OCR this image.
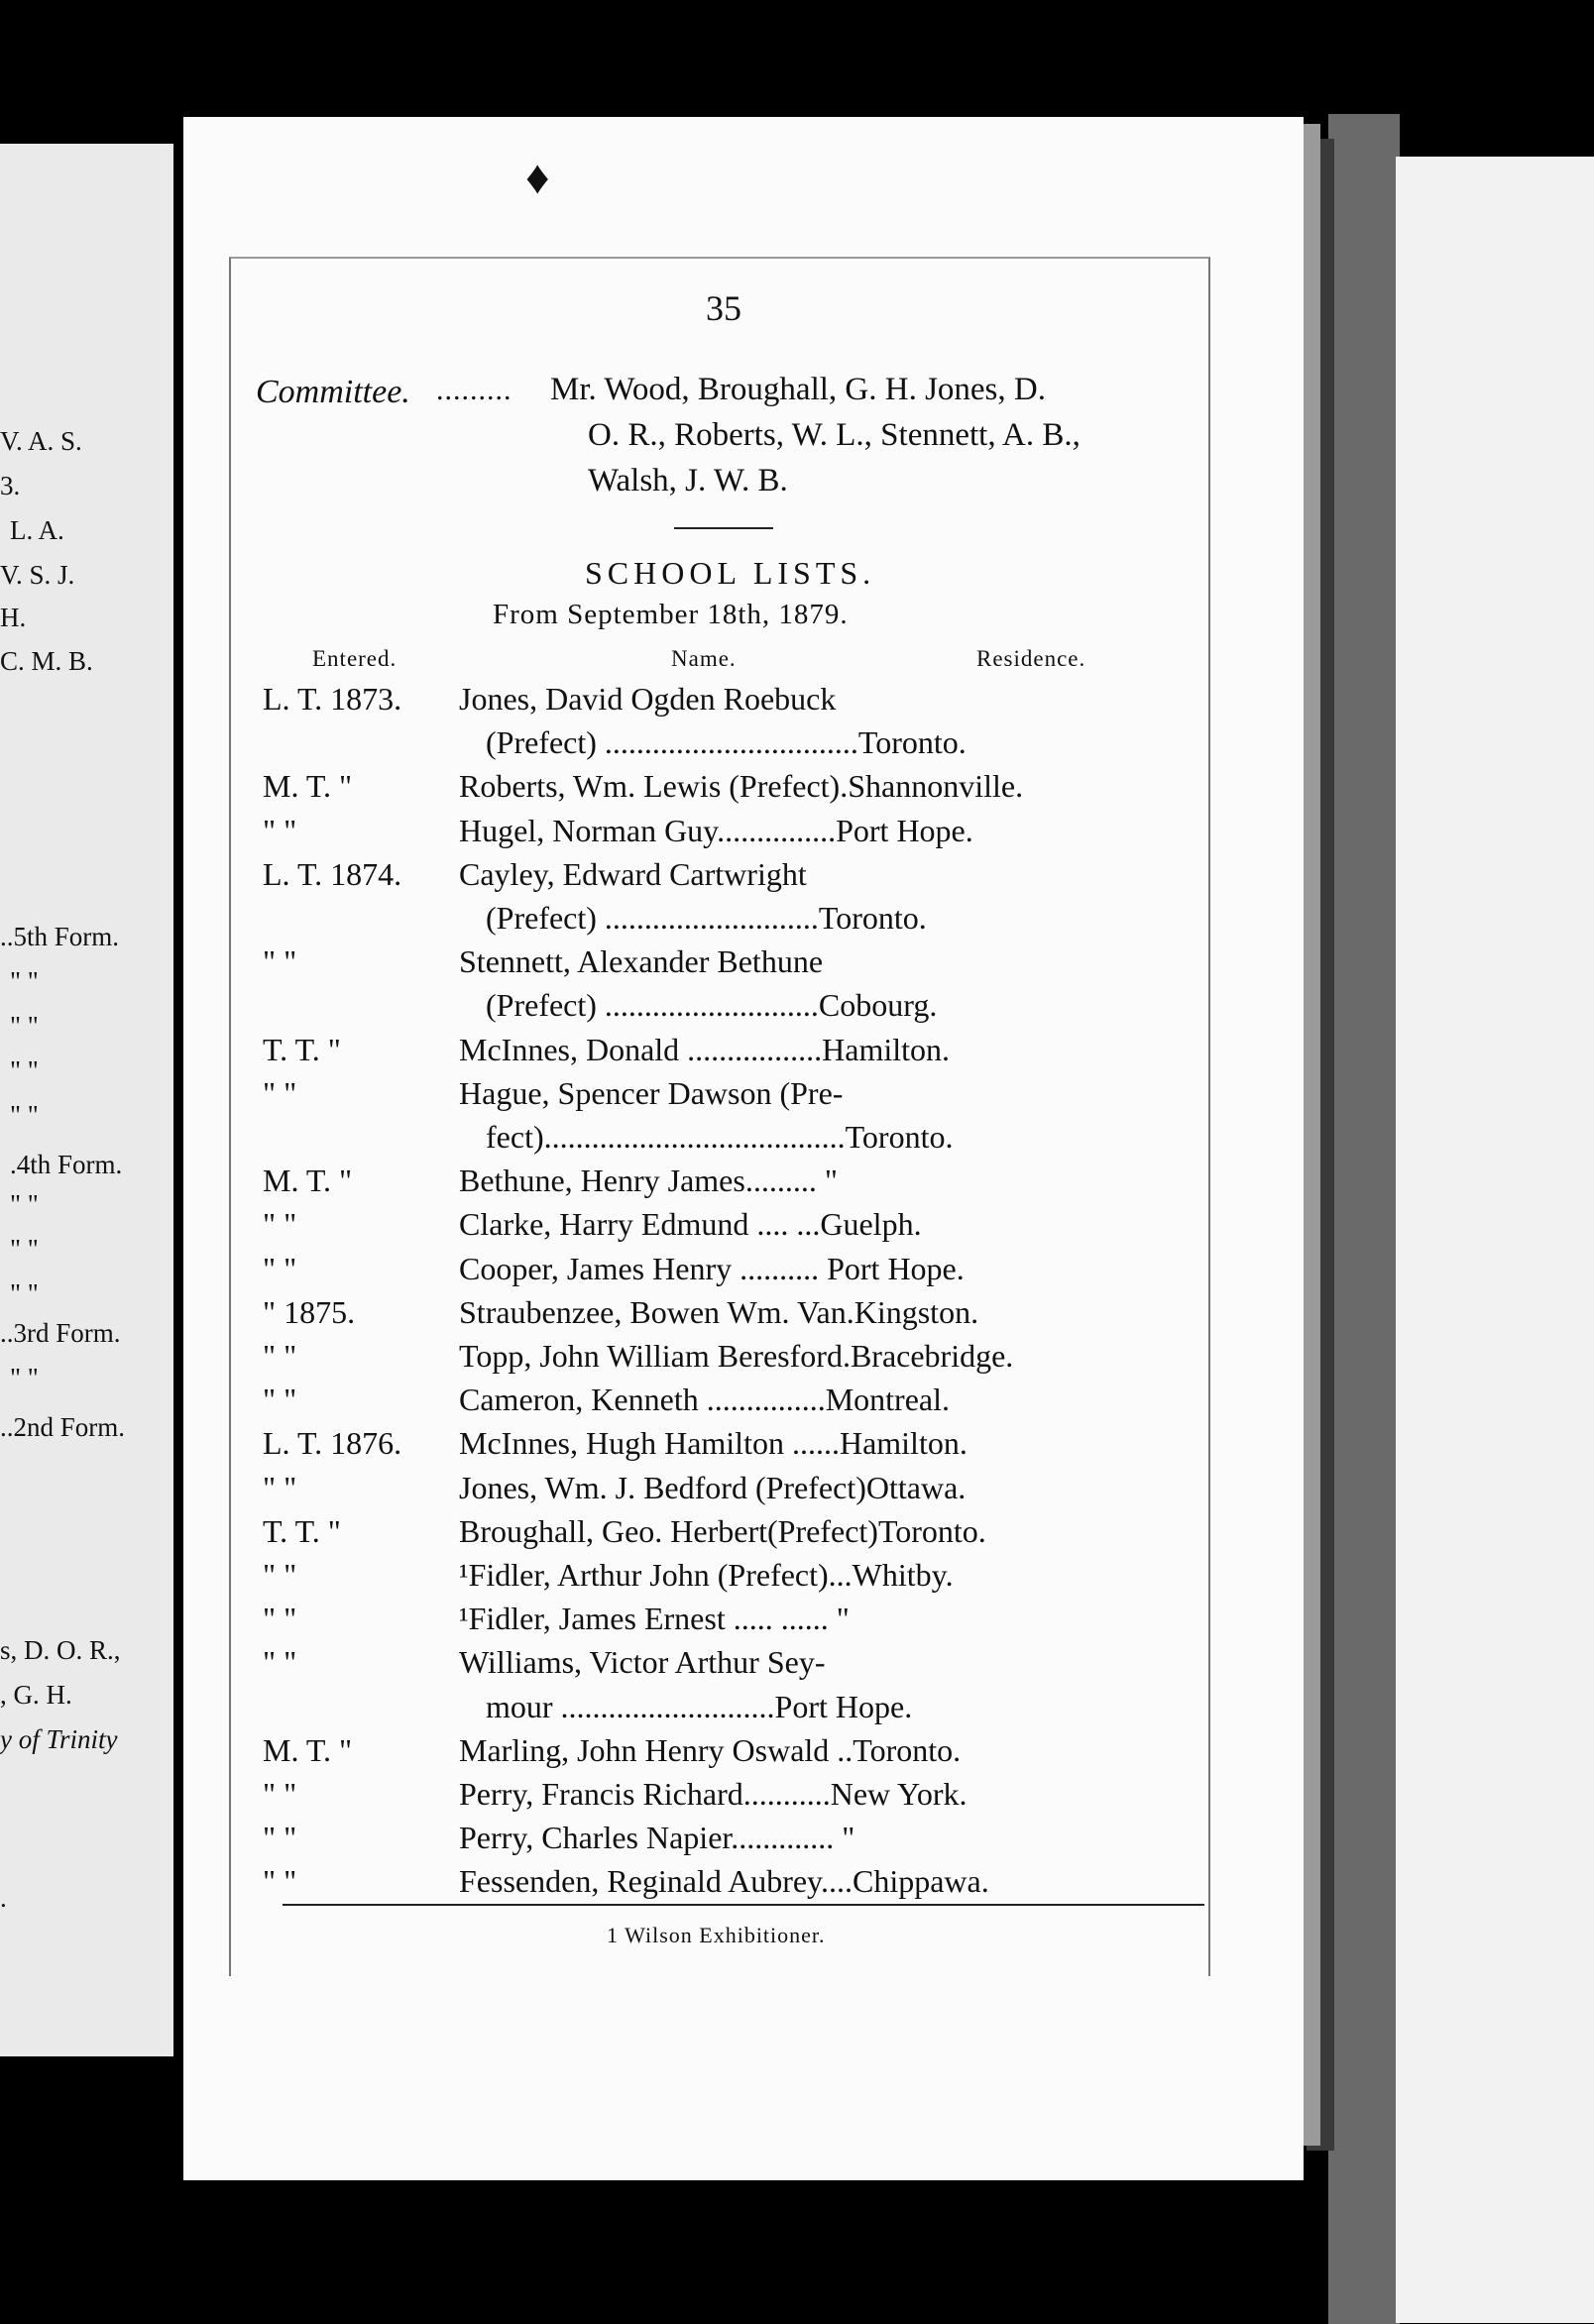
V. A. S.
3.
L. A.
V. S. J.
H.
C. M. B.
..5th Form.
" "
" "
" "
" "
.4th Form.
" "
" "
" "
..3rd Form.
" "
..2nd Form.
s, D. O. R.,
, G. H.
y of Trinity
.
♦
35
Committee. ......... Mr. Wood, Broughall, G. H. Jones, D.
O. R., Roberts, W. L., Stennett, A. B.,
Walsh, J. W. B.
SCHOOL LISTS.
From September 18th, 1879.
Entered.	Name.	Residence.
L. T. 1873. Jones, David Ogden Roebuck
(Prefect) ................................Toronto.
M. T. "	Roberts, Wm. Lewis (Prefect).Shannonville.
" "	Hugel, Norman Guy...............Port Hope.
L. T. 1874. Cayley, Edward Cartwright
(Prefect) ...........................Toronto.
" "	Stennett, Alexander Bethune
(Prefect) ...........................Cobourg.
T. T. "	McInnes, Donald .................Hamilton.
" "	Hague, Spencer Dawson (Pre-
fect)......................................Toronto.
M. T. "	Bethune, Henry James......... "
" "	Clarke, Harry Edmund .... ...Guelph.
" "	Cooper, James Henry .......... Port Hope.
" 1875.	Straubenzee, Bowen Wm. Van.Kingston.
" "	Topp, John William Beresford.Bracebridge.
" "	Cameron, Kenneth ...............Montreal.
L. T. 1876. McInnes, Hugh Hamilton ......Hamilton.
" "	Jones, Wm. J. Bedford (Prefect)Ottawa.
T. T. "	Broughall, Geo. Herbert(Prefect)Toronto.
" "	¹Fidler, Arthur John (Prefect)...Whitby.
" "	¹Fidler, James Ernest ..... ...... "
" "	Williams, Victor Arthur Sey-
mour ...........................Port Hope.
M. T. "	Marling, John Henry Oswald ..Toronto.
" "	Perry, Francis Richard...........New York.
" "	Perry, Charles Napier............. "
" "	Fessenden, Reginald Aubrey....Chippawa.
1 Wilson Exhibitioner.
